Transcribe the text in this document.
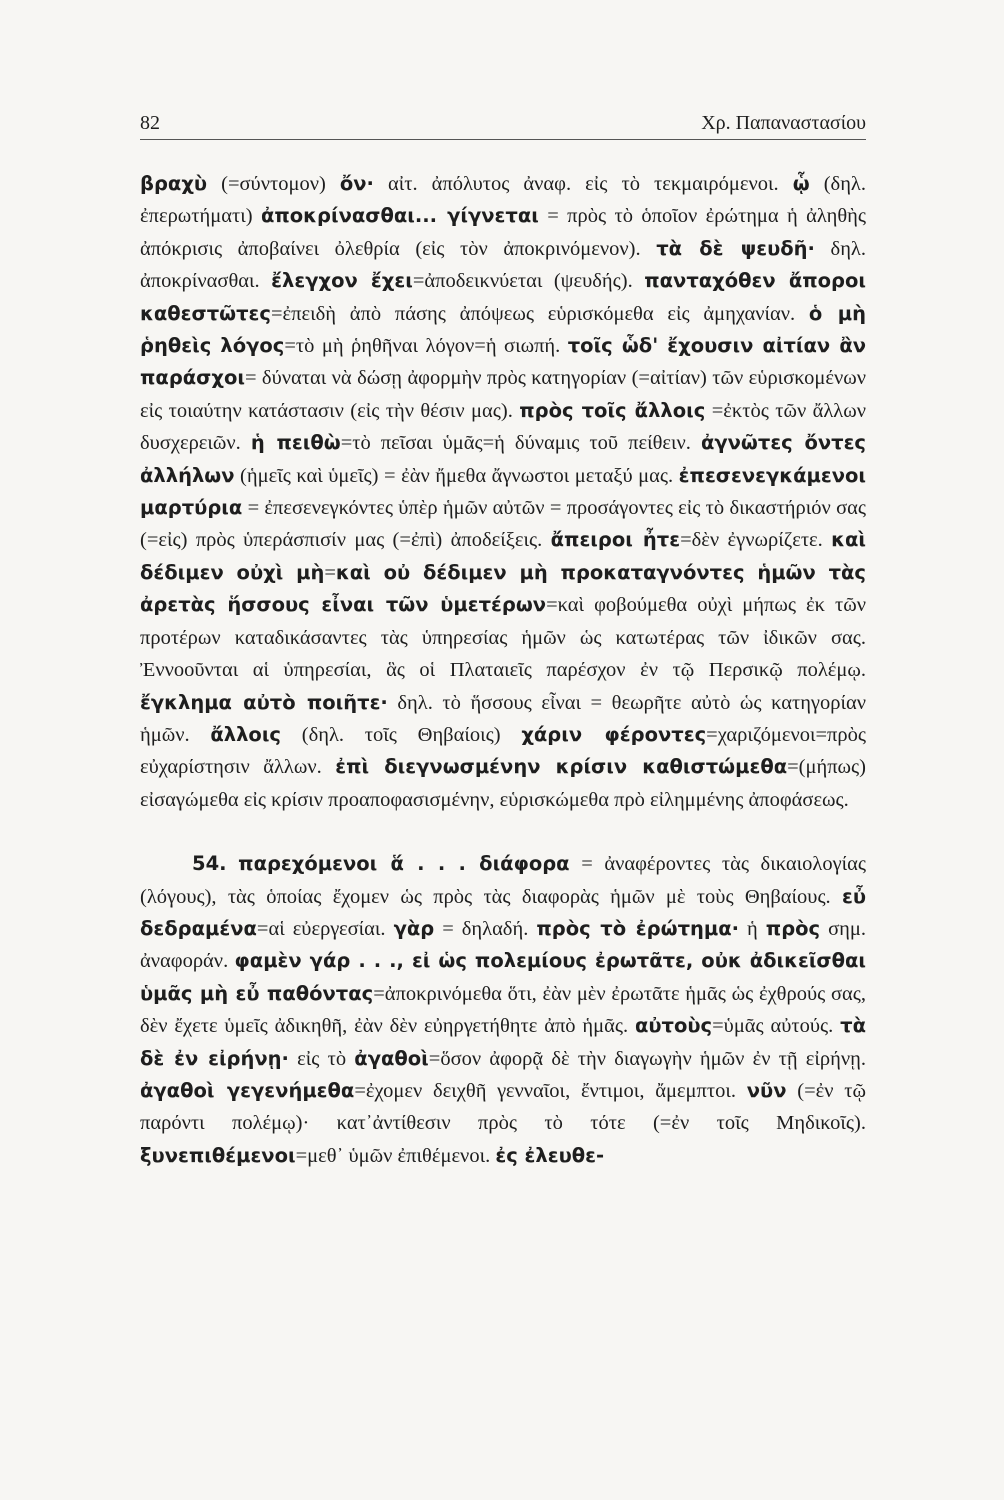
82	Χρ. Παπαναστασίου

βραχὺ (=σύντομον) ὄν· αἰτ. ἀπόλυτος ἀναφ. εἰς τὸ τεκμαιρόμενοι. ᾧ (δηλ. ἐπερωτήματι) ἀποκρίνασθαι... γίγνεται = πρὸς τὸ ὁποῖον ἐρώτημα ἡ ἀληθὴς ἀπόκρισις ἀποβαίνει ὀλεθρία (εἰς τὸν ἀποκρινόμενον). τὰ δὲ ψευδῆ· δηλ. ἀποκρίνασθαι. ἔλεγχον ἔχει=ἀποδεικνύεται (ψευδής). πανταχόθεν ἄποροι καθεστῶτες=ἐπειδὴ ἀπὸ πάσης ἀπόψεως εὑρισκόμεθα εἰς ἀμηχανίαν. ὁ μὴ ῥηθεὶς λόγος=τὸ μὴ ῥηθῆναι λόγον=ἡ σιωπή. τοῖς ὧδ' ἔχουσιν αἰτίαν ἂν παράσχοι= δύναται νὰ δώσῃ ἀφορμὴν πρὸς κατηγορίαν (=αἰτίαν) τῶν εὑρισκομένων εἰς τοιαύτην κατάστασιν (εἰς τὴν θέσιν μας). πρὸς τοῖς ἄλλοις =ἐκτὸς τῶν ἄλλων δυσχερειῶν. ἡ πειθὼ=τὸ πεῖσαι ὑμᾶς=ἡ δύναμις τοῦ πείθειν. ἀγνῶτες ὄντες ἀλλήλων (ἡμεῖς καὶ ὑμεῖς) = ἐὰν ἤμεθα ἄγνωστοι μεταξύ μας. ἐπεσενεγκάμενοι μαρτύρια = ἐπεσενεγκόντες ὑπὲρ ἡμῶν αὐτῶν = προσάγοντες εἰς τὸ δικαστήριόν σας (=εἰς) πρὸς ὑπεράσπισίν μας (=ἐπὶ) ἀποδείξεις. ἄπειροι ἦτε=δὲν ἐγνωρίζετε. καὶ δέδιμεν οὐχὶ μὴ=καὶ οὐ δέδιμεν μὴ προκαταγνόντες ἡμῶν τὰς ἀρετὰς ἥσσους εἶναι τῶν ὑμετέρων=καὶ φοβούμεθα οὐχὶ μήπως ἐκ τῶν προτέρων καταδικάσαντες τὰς ὑπηρεσίας ἡμῶν ὡς κατωτέρας τῶν ἰδικῶν σας. Ἐννοοῦνται αἱ ὑπηρεσίαι, ἃς οἱ Πλαταιεῖς παρέσχον ἐν τῷ Περσικῷ πολέμῳ. ἔγκλημα αὐτὸ ποιῆτε· δηλ. τὸ ἥσσους εἶναι = θεωρῆτε αὐτὸ ὡς κατηγορίαν ἡμῶν. ἄλλοις (δηλ. τοῖς Θηβαίοις) χάριν φέροντες=χαριζόμενοι=πρὸς εὐχαρίστησιν ἄλλων. ἐπὶ διεγνωσμένην κρίσιν καθιστώμεθα=(μήπως) εἰσαγώμεθα εἰς κρίσιν προαποφασισμένην, εὑρισκώμεθα πρὸ εἰλημμένης ἀποφάσεως.

54. παρεχόμενοι ἅ . . . διάφορα = ἀναφέροντες τὰς δικαιολογίας (λόγους), τὰς ὁποίας ἔχομεν ὡς πρὸς τὰς διαφορὰς ἡμῶν μὲ τοὺς Θηβαίους. εὖ δεδραμένα=αἱ εὐεργεσίαι. γὰρ = δηλαδή. πρὸς τὸ ἐρώτημα· ἡ πρὸς σημ. ἀναφοράν. φαμὲν γάρ . . ., εἰ ὡς πολεμίους ἐρωτᾶτε, οὐκ ἀδικεῖσθαι ὑμᾶς μὴ εὖ παθόντας=ἀποκρινόμεθα ὅτι, ἐὰν μὲν ἐρωτᾶτε ἡμᾶς ὡς ἐχθρούς σας, δὲν ἔχετε ὑμεῖς ἀδικηθῆ, ἐὰν δὲν εὐηργετήθητε ἀπὸ ἡμᾶς. αὐτοὺς=ὑμᾶς αὐτούς. τὰ δὲ ἐν εἰρήνῃ· εἰς τὸ ἀγαθοὶ=ὅσον ἀφορᾷ δὲ τὴν διαγωγὴν ἡμῶν ἐν τῇ εἰρήνῃ. ἀγαθοὶ γεγενήμεθα=ἐχομεν δειχθῆ γενναῖοι, ἔντιμοι, ἄμεμπτοι. νῦν (=ἐν τῷ παρόντι πολέμῳ)· κατ᾽ἀντίθεσιν πρὸς τὸ τότε (=ἐν τοῖς Μηδικοῖς). ξυνεπιθέμενοι=μεθ᾽ ὑμῶν ἐπιθέμενοι. ἐς ἐλευθε-
